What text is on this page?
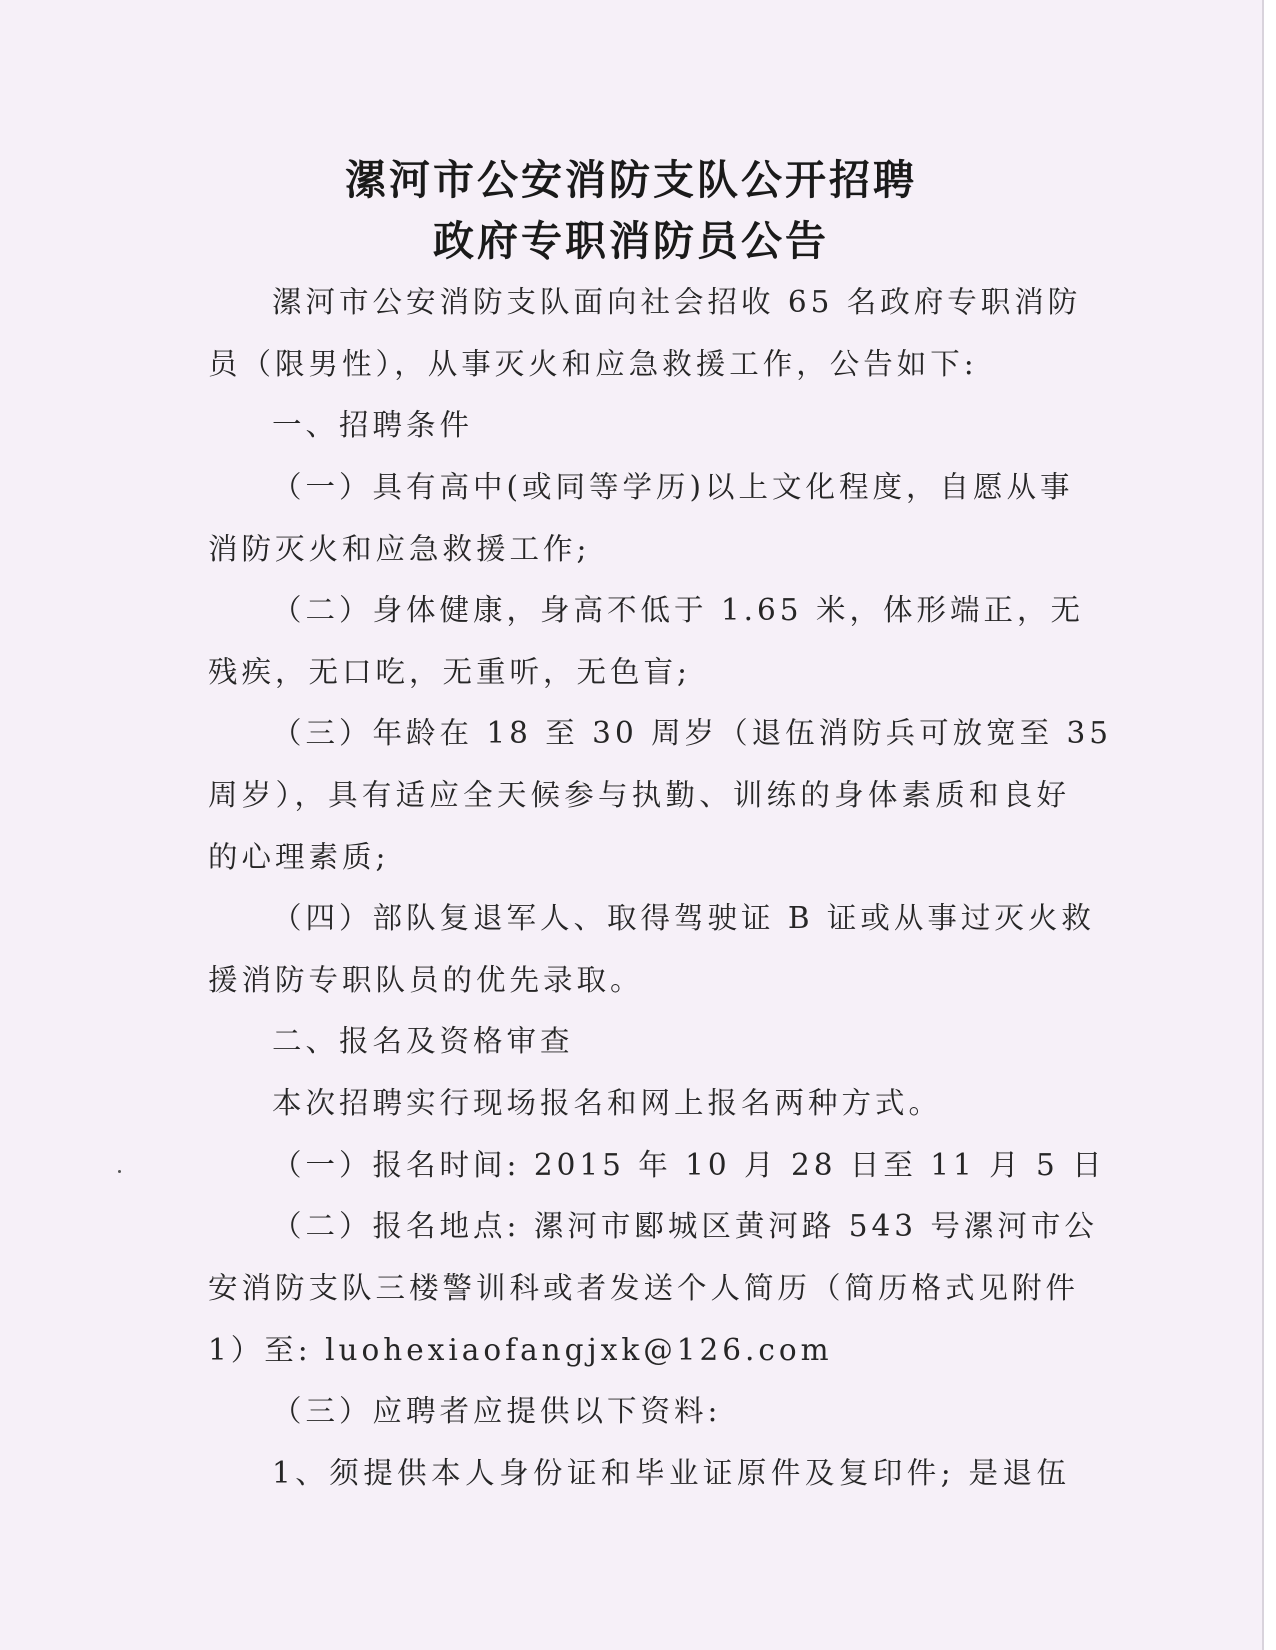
漯河市公安消防支队公开招聘
政府专职消防员公告
漯河市公安消防支队面向社会招收 65 名政府专职消防
员（限男性），从事灭火和应急救援工作，公告如下:
一、招聘条件
（一）具有高中(或同等学历)以上文化程度，自愿从事
消防灭火和应急救援工作;
（二）身体健康，身高不低于 1.65 米，体形端正，无
残疾，无口吃，无重听，无色盲;
（三）年龄在 18 至 30 周岁（退伍消防兵可放宽至 35
周岁），具有适应全天候参与执勤、训练的身体素质和良好
的心理素质;
（四）部队复退军人、取得驾驶证 B 证或从事过灭火救
援消防专职队员的优先录取。
二、报名及资格审查
本次招聘实行现场报名和网上报名两种方式。
（一）报名时间: 2015 年 10 月 28 日至 11 月 5 日
（二）报名地点: 漯河市郾城区黄河路 543 号漯河市公
安消防支队三楼警训科或者发送个人简历（简历格式见附件
1）至: luohexiaofangjxk@126.com
（三）应聘者应提供以下资料:
1、须提供本人身份证和毕业证原件及复印件; 是退伍
